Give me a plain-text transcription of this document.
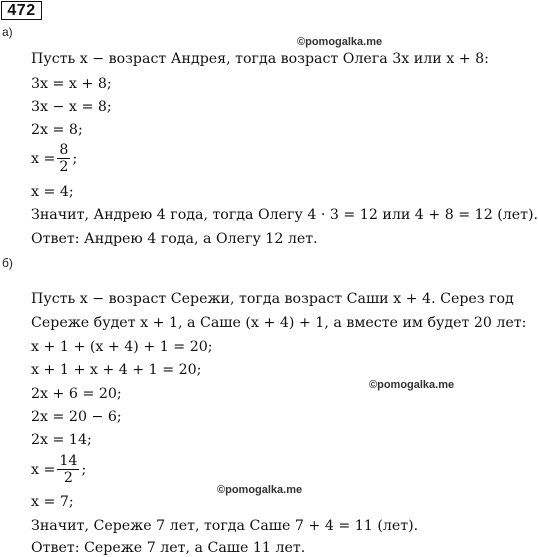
472
а)
©pomogalka.me
Пусть x − возраст Андрея, тогда возраст Олега 3x или x + 8:
3x = x + 8;
3x − x = 8;
2x = 8;
$x = \frac{8}{2}$ ;
x = 4;
Значит, Андрею 4 года, тогда Олегу 4 · 3 = 12 или 4 + 8 = 12 (лет).
Ответ: Андрею 4 года, а Олегу 12 лет.
б)
Пусть x − возраст Сережи, тогда возраст Саши x + 4. Серез год
Сереже будет x + 1, а Саше (x + 4) + 1, а вместе им будет 20 лет:
x + 1 + (x + 4) + 1 = 20;
x + 1 + x + 4 + 1 = 20;
©pomogalka.me
2x + 6 = 20;
2x = 20 − 6;
2x = 14;
$x = \frac{14}{2}$ ;
©pomogalka.me
x = 7;
Значит, Сереже 7 лет, тогда Саше 7 + 4 = 11 (лет).
Ответ: Сереже 7 лет, а Саше 11 лет.
